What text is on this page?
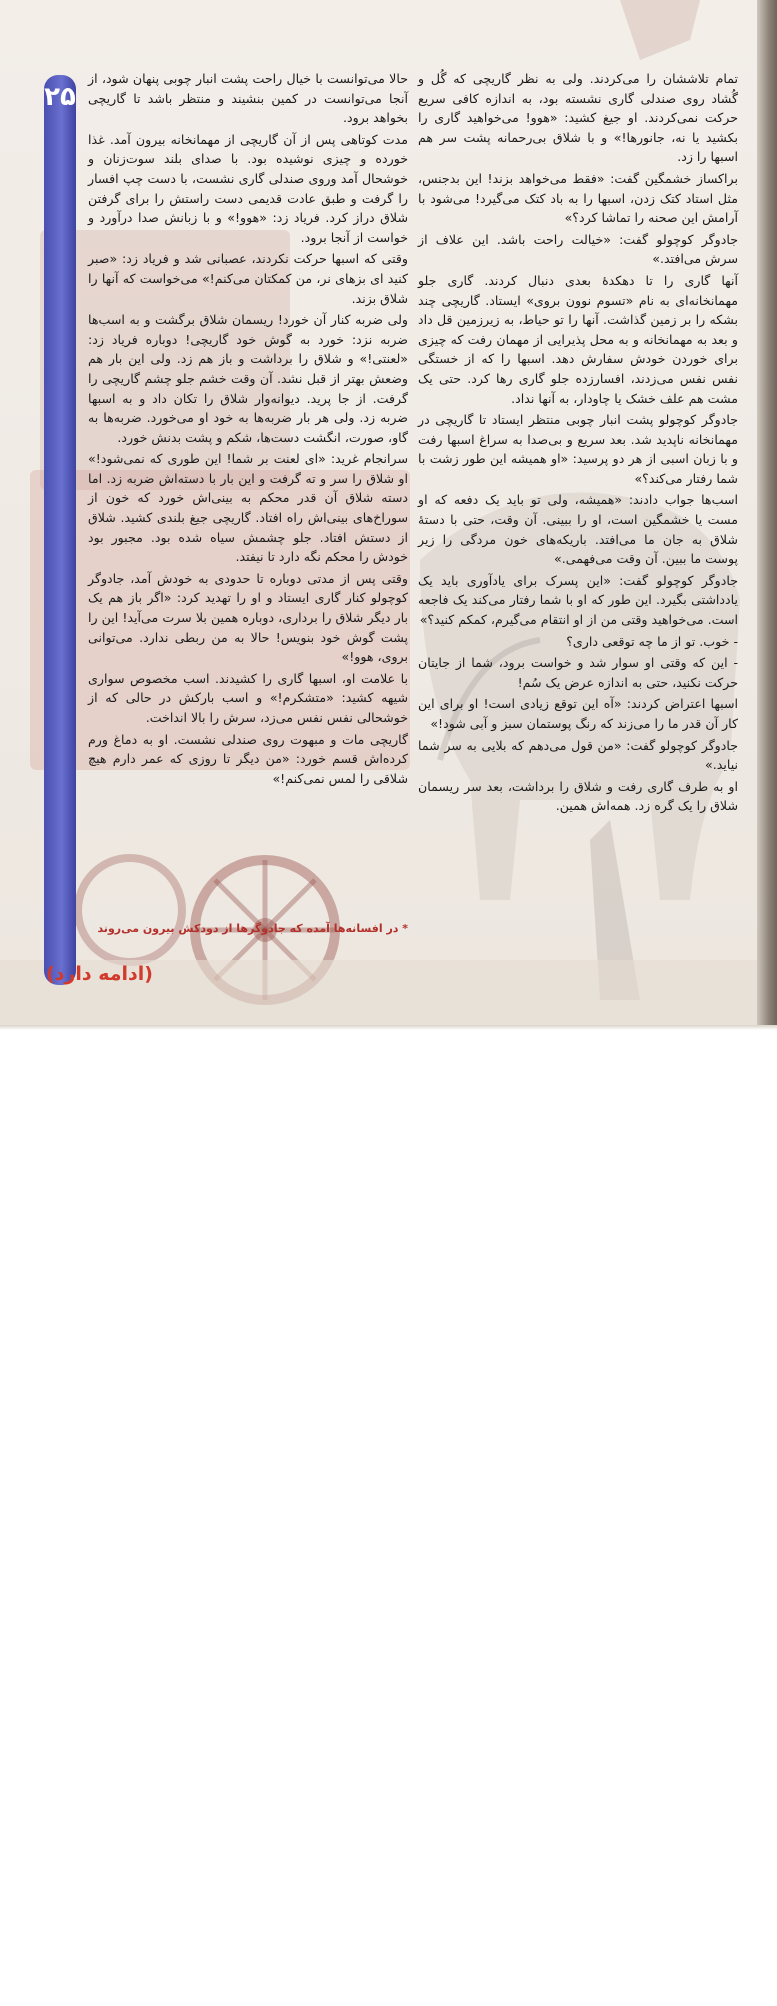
۲۵

تمام تلاششان را می‌کردند. ولی به نظر گاریچی که گُل و گُشاد روی صندلی گاری نشسته بود، به اندازه کافی سریع حرکت نمی‌کردند. او جیغ کشید: «هوو! می‌خواهید گاری را بکشید یا نه، جانورها!» و با شلاق بی‌رحمانه پشت سر هم اسبها را زد.

براکساز خشمگین گفت: «فقط می‌خواهد بزند! این بدجنس، مثل استاد کتک زدن، اسبها را به باد کتک می‌گیرد! می‌شود با آرامش این صحنه را تماشا کرد؟»

جادوگر کوچولو گفت: «خیالت راحت باشد. این علاف از سرش می‌افتد.»

آنها گاری را تا دهکدهٔ بعدی دنبال کردند. گاری جلو مهمانخانه‌ای به نام «تسوم نوون بروی» ایستاد. گاریچی چند بشکه را بر زمین گذاشت. آنها را تو حیاط، به زیرزمین قل داد و بعد به مهمانخانه و به محل پذیرایی از مهمان رفت که چیزی برای خوردن خودش سفارش دهد. اسبها را که از خستگی نفس نفس می‌زدند، افسارزده جلو گاری رها کرد. حتی یک مشت هم علف خشک یا چاودار، به آنها نداد.

جادوگر کوچولو پشت انبار چوبی منتظر ایستاد تا گاریچی در مهمانخانه ناپدید شد. بعد سریع و بی‌صدا به سراغ اسبها رفت و با زبان اسبی از هر دو پرسید: «او همیشه این طور زشت با شما رفتار می‌کند؟»

اسب‌ها جواب دادند: «همیشه، ولی تو باید یک دفعه که او مست یا خشمگین است، او را ببینی. آن وقت، حتی با دستهٔ شلاق به جان ما می‌افتد. باریکه‌های خون مردگی را زیر پوست ما ببین. آن وقت می‌فهمی.»

جادوگر کوچولو گفت: «این پسرک برای یادآوری باید یک یادداشتی بگیرد. این طور که او با شما رفتار می‌کند یک فاجعه است. می‌خواهید وقتی من از او انتقام می‌گیرم، کمکم کنید؟»

- خوب. تو از ما چه توقعی داری؟

- این که وقتی او سوار شد و خواست برود، شما از جایتان حرکت نکنید، حتی به اندازه عرض یک سُم!

اسبها اعتراض کردند: «آه این توقع زیادی است! او برای این کار آن قدر ما را می‌زند که رنگ پوستمان سبز و آبی شود!»

جادوگر کوچولو گفت: «من قول می‌دهم که بلایی به سر شما نیاید.»

او به طرف گاری رفت و شلاق را برداشت، بعد سر ریسمان شلاق را یک گره زد. همه‌اش همین.

حالا می‌توانست با خیال راحت پشت انبار چوبی پنهان شود، از آنجا می‌توانست در کمین بنشیند و منتظر باشد تا گاریچی بخواهد برود.

مدت کوتاهی پس از آن گاریچی از مهمانخانه بیرون آمد. غذا خورده و چیزی نوشیده بود. با صدای بلند سوت‌زنان و خوشحال آمد وروی صندلی گاری نشست، با دست چپ افسار را گرفت و طبق عادت قدیمی دست راستش را برای گرفتن شلاق دراز کرد. فریاد زد: «هوو!» و با زبانش صدا درآورد و خواست از آنجا برود.

وقتی که اسبها حرکت نکردند، عصبانی شد و فرياد زد: «صبر کنید ای بزهای نر، من کمکتان می‌کنم!» می‌خواست که آنها را شلاق بزند.

ولی ضربه کنار آن خورد! ریسمان شلاق برگشت و به اسب‌ها ضربه نزد: خورد به گوش خود گاریچی! دوباره فریاد زد: «لعنتی!» و شلاق را برداشت و باز هم زد. ولی این بار هم وضعش بهتر از قبل نشد. آن وقت خشم جلو چشم گاریچی را گرفت. از جا پرید. دیوانه‌وار شلاق را تکان داد و به اسبها ضربه زد. ولی هر بار ضربه‌ها به خود او می‌خورد. ضربه‌ها به گاو، صورت، انگشت دست‌ها، شکم و پشت بدنش خورد.

سرانجام غرید: «ای لعنت بر شما! این طوری که نمی‌شود!» او شلاق را سر و ته گرفت و این بار با دسته‌اش ضربه زد. اما دسته شلاق آن قدر محکم به بینی‌اش خورد که خون از سوراخ‌های بینی‌اش راه افتاد. گاریچی جیغ بلندی کشید. شلاق از دستش افتاد. جلو چشمش سیاه شده بود. مجبور بود خودش را محکم نگه دارد تا نیفتد.

وقتی پس از مدتی دوباره تا حدودی به خودش آمد، جادوگر کوچولو کنار گاری ایستاد و او را تهدید کرد: «اگر باز هم یک بار دیگر شلاق را برداری، دوباره همین بلا سرت می‌آید! این را پشت گوش خود بنویس! حالا به من ربطی ندارد. می‌توانی بروی، هوو!»

با علامت او، اسبها گاری را کشیدند. اسب مخصوص سواری شیهه کشید: «متشکرم!» و اسب بارکش در حالی که از خوشحالی نفس نفس می‌زد، سرش را بالا انداخت.

گاریچی مات و مبهوت روی صندلی نشست. او به دماغ ورم کرده‌اش قسم خورد: «من دیگر تا روزی که عمر دارم هیچ شلاقی را لمس نمی‌کنم!»

* در افسانه‌ها آمده که جادوگرها از دودکش بیرون می‌روند
(ادامه دارد)
